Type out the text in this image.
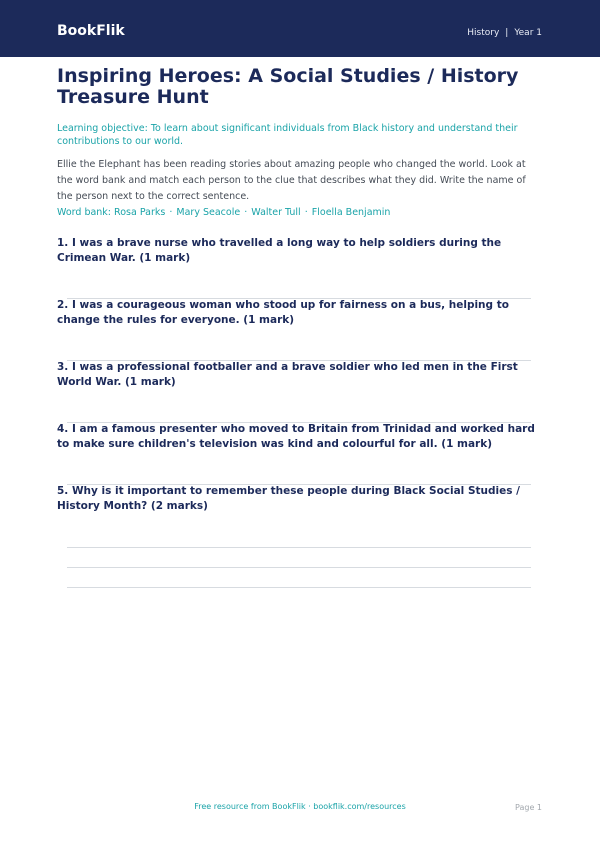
BookFlik	History | Year 1
Inspiring Heroes: A Social Studies / History Treasure Hunt
Learning objective: To learn about significant individuals from Black history and understand their contributions to our world.
Ellie the Elephant has been reading stories about amazing people who changed the world. Look at the word bank and match each person to the clue that describes what they did. Write the name of the person next to the correct sentence.
Word bank: Rosa Parks · Mary Seacole · Walter Tull · Floella Benjamin
1. I was a brave nurse who travelled a long way to help soldiers during the Crimean War. (1 mark)
2. I was a courageous woman who stood up for fairness on a bus, helping to change the rules for everyone. (1 mark)
3. I was a professional footballer and a brave soldier who led men in the First World War. (1 mark)
4. I am a famous presenter who moved to Britain from Trinidad and worked hard to make sure children's television was kind and colourful for all. (1 mark)
5. Why is it important to remember these people during Black Social Studies / History Month? (2 marks)
Free resource from BookFlik · bookflik.com/resources	Page 1
